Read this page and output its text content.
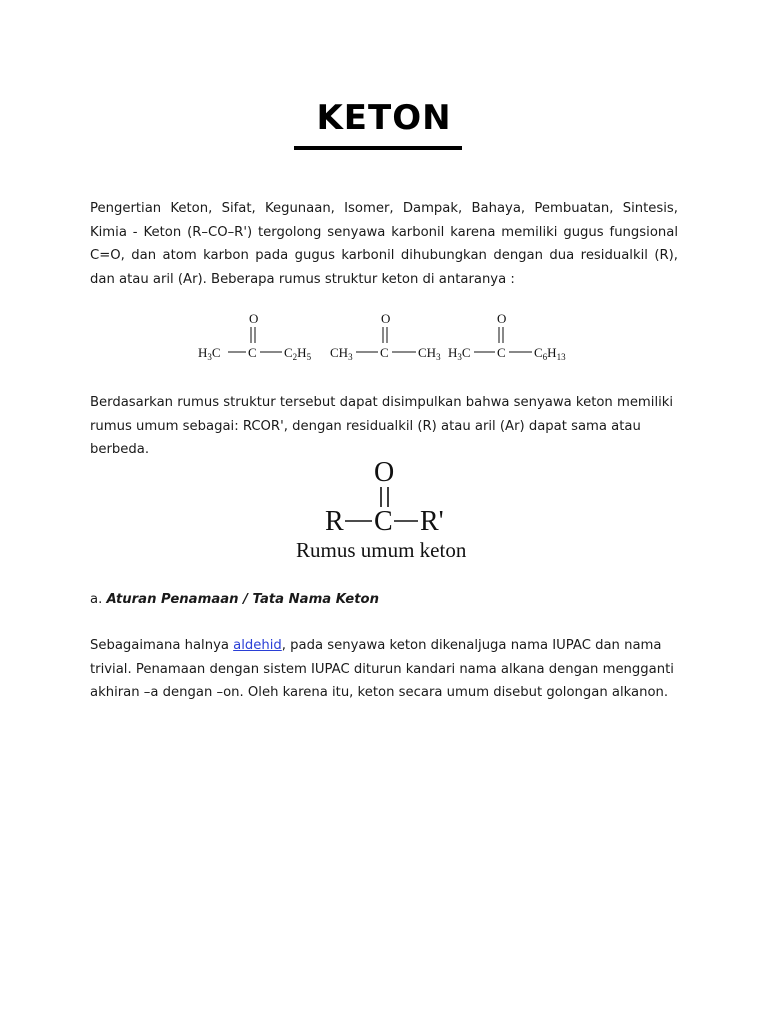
KETON

Pengertian Keton, Sifat, Kegunaan, Isomer, Dampak, Bahaya, Pembuatan, Sintesis, Kimia - Keton (R–CO–R') tergolong senyawa karbonil karena memiliki gugus fungsional C=O, dan atom karbon pada gugus karbonil dihubungkan dengan dua residualkil (R), dan atau aril (Ar). Beberapa rumus struktur keton di antaranya :

O
$H_3C$ C $C_2H_5$
O
$CH_3$ C $CH_3$
O
$H_3C$ C $C_6H_{13}$

Berdasarkan rumus struktur tersebut dapat disimpulkan bahwa senyawa keton memiliki rumus umum sebagai: RCOR', dengan residualkil (R) atau aril (Ar) dapat sama atau berbeda.

O
R C R'
Rumus umum keton
a. Aturan Penamaan / Tata Nama Keton

Sebagaimana halnya aldehid, pada senyawa keton dikenaljuga nama IUPAC dan nama trivial. Penamaan dengan sistem IUPAC diturun kandari nama alkana dengan mengganti akhiran –a dengan –on. Oleh karena itu, keton secara umum disebut golongan alkanon.
